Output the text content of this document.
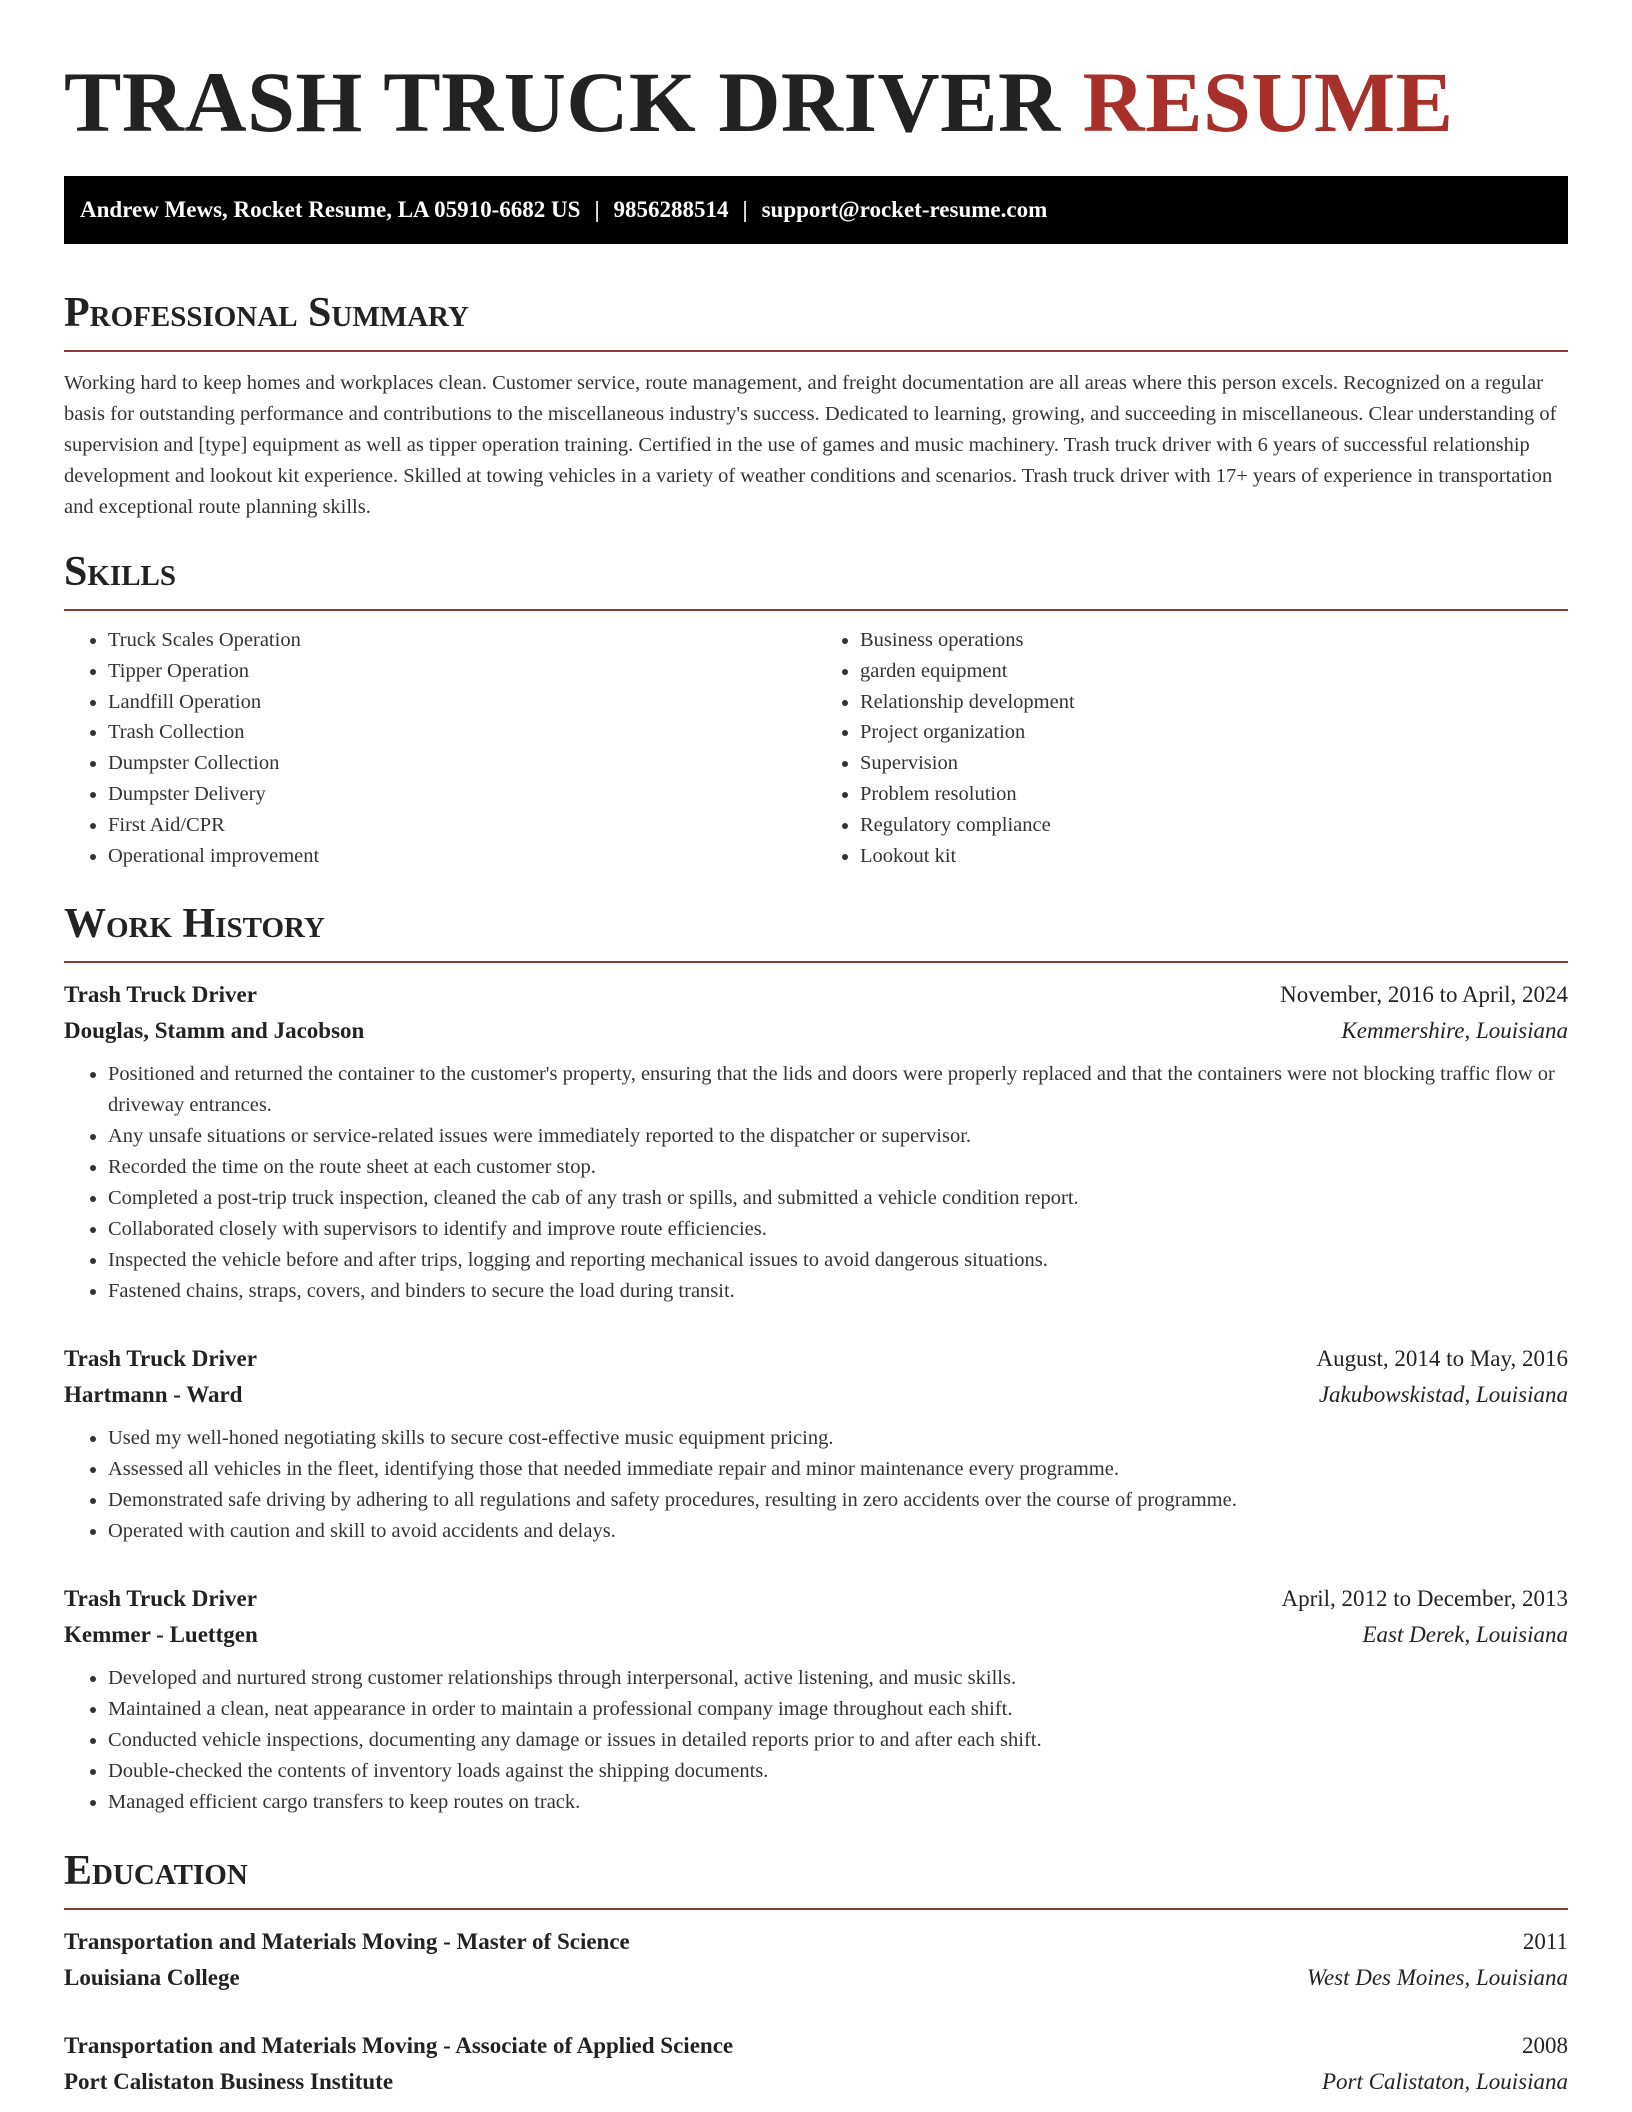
TRASH TRUCK DRIVER RESUME
Andrew Mews, Rocket Resume, LA 05910-6682 US | 9856288514 | support@rocket-resume.com
Professional Summary

Working hard to keep homes and workplaces clean. Customer service, route management, and freight documentation are all areas where this person excels. Recognized on a regular basis for outstanding performance and contributions to the miscellaneous industry's success. Dedicated to learning, growing, and succeeding in miscellaneous. Clear understanding of supervision and [type] equipment as well as tipper operation training. Certified in the use of games and music machinery. Trash truck driver with 6 years of successful relationship development and lookout kit experience. Skilled at towing vehicles in a variety of weather conditions and scenarios. Trash truck driver with 17+ years of experience in transportation and exceptional route planning skills.

Skills
• Truck Scales Operation
• Tipper Operation
• Landfill Operation
• Trash Collection
• Dumpster Collection
• Dumpster Delivery
• First Aid/CPR
• Operational improvement
• Business operations
• garden equipment
• Relationship development
• Project organization
• Supervision
• Problem resolution
• Regulatory compliance
• Lookout kit
Work History
Trash Truck Driver	November, 2016 to April, 2024
Douglas, Stamm and Jacobson	Kemmershire, Louisiana
• Positioned and returned the container to the customer's property, ensuring that the lids and doors were properly replaced and that the containers were not blocking traffic flow or driveway entrances.
• Any unsafe situations or service-related issues were immediately reported to the dispatcher or supervisor.
• Recorded the time on the route sheet at each customer stop.
• Completed a post-trip truck inspection, cleaned the cab of any trash or spills, and submitted a vehicle condition report.
• Collaborated closely with supervisors to identify and improve route efficiencies.
• Inspected the vehicle before and after trips, logging and reporting mechanical issues to avoid dangerous situations.
• Fastened chains, straps, covers, and binders to secure the load during transit.
Trash Truck Driver	August, 2014 to May, 2016
Hartmann - Ward	Jakubowskistad, Louisiana
• Used my well-honed negotiating skills to secure cost-effective music equipment pricing.
• Assessed all vehicles in the fleet, identifying those that needed immediate repair and minor maintenance every programme.
• Demonstrated safe driving by adhering to all regulations and safety procedures, resulting in zero accidents over the course of programme.
• Operated with caution and skill to avoid accidents and delays.
Trash Truck Driver	April, 2012 to December, 2013
Kemmer - Luettgen	East Derek, Louisiana
• Developed and nurtured strong customer relationships through interpersonal, active listening, and music skills.
• Maintained a clean, neat appearance in order to maintain a professional company image throughout each shift.
• Conducted vehicle inspections, documenting any damage or issues in detailed reports prior to and after each shift.
• Double-checked the contents of inventory loads against the shipping documents.
• Managed efficient cargo transfers to keep routes on track.
Education
Transportation and Materials Moving - Master of Science	2011
Louisiana College	West Des Moines, Louisiana
Transportation and Materials Moving - Associate of Applied Science	2008
Port Calistaton Business Institute	Port Calistaton, Louisiana
